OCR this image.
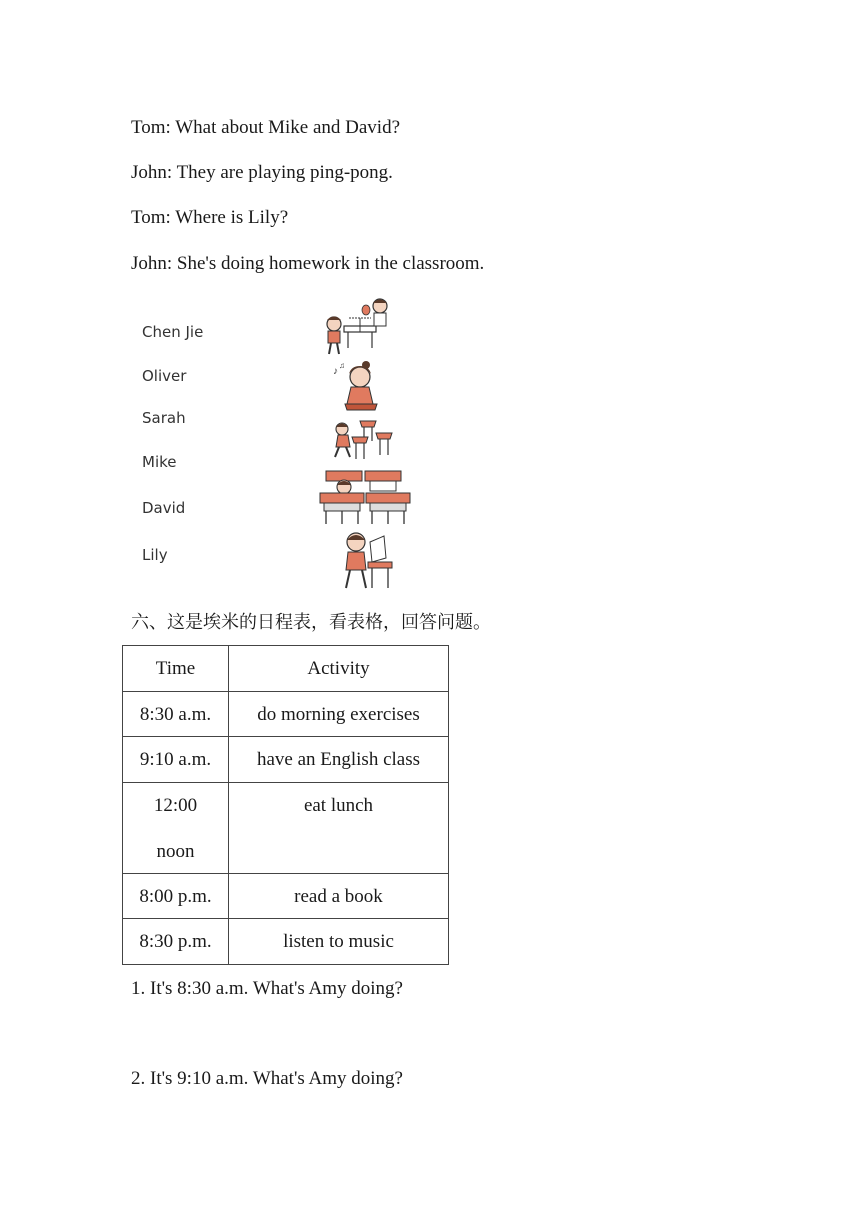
Tom: What about Mike and David?
John: They are playing ping-pong.
Tom: Where is Lily?
John: She's doing homework in the classroom.
Chen Jie
Oliver
Sarah
Mike
David
Lily
♪
♫
六、这是埃米的日程表，看表格，回答问题。
Time	Activity

8:30 a.m.	do morning exercises

9:10 a.m.	have an English class

12:00
noon	eat lunch

8:00 p.m.	read a book

8:30 p.m.	listen to music
1. It's 8:30 a.m. What's Amy doing?
2. It's 9:10 a.m. What's Amy doing?
